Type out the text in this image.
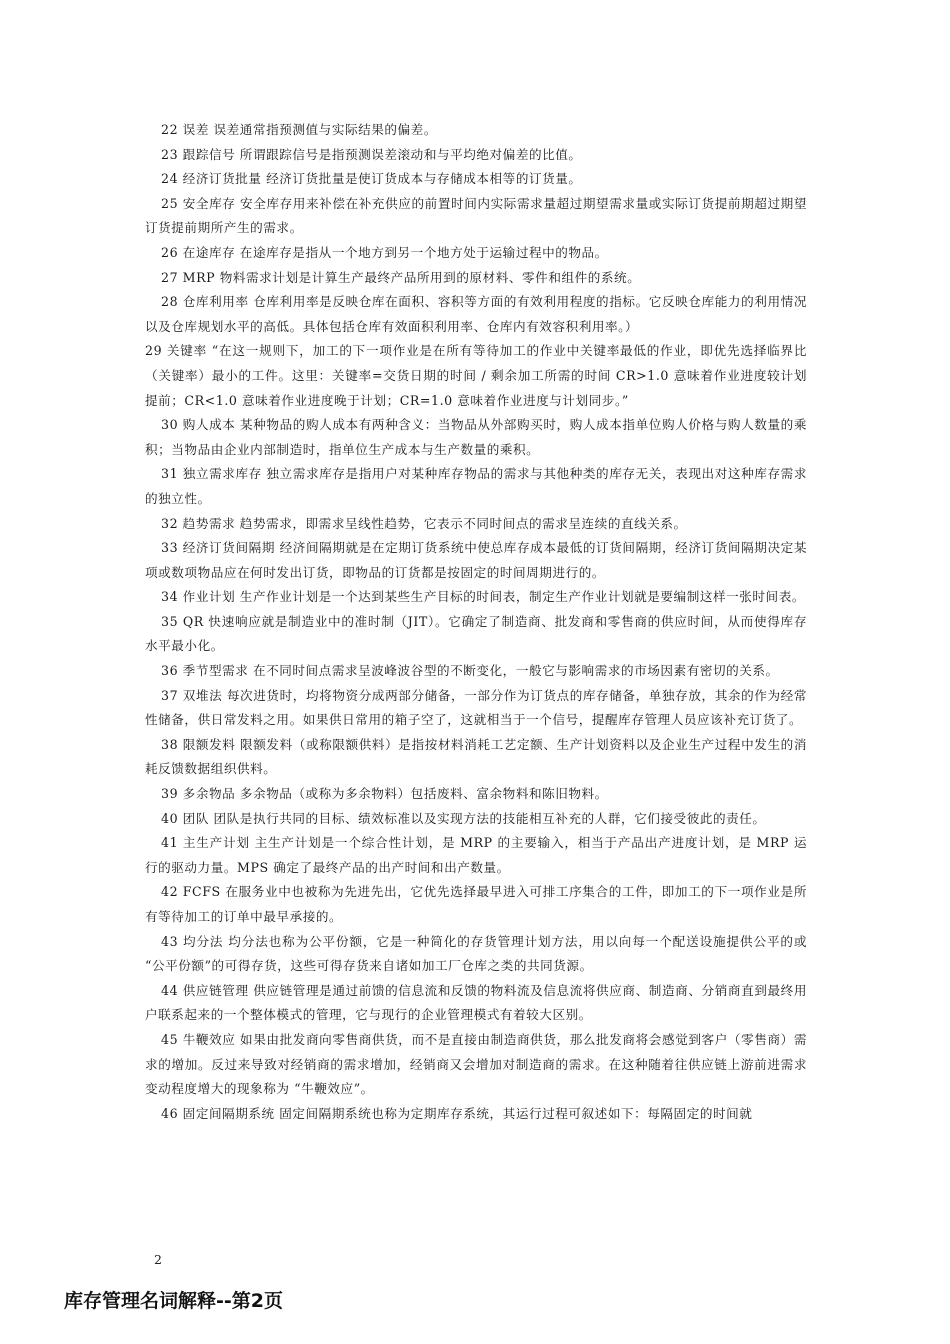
22 误差 误差通常指预测值与实际结果的偏差。

23 跟踪信号 所谓跟踪信号是指预测误差滚动和与平均绝对偏差的比值。

24 经济订货批量 经济订货批量是使订货成本与存储成本相等的订货量。

25 安全库存 安全库存用来补偿在补充供应的前置时间内实际需求量超过期望需求量或实际订货提前期超过期望订货提前期所产生的需求。

26 在途库存 在途库存是指从一个地方到另一个地方处于运输过程中的物品。

27 MRP 物料需求计划是计算生产最终产品所用到的原材料、零件和组件的系统。

28 仓库利用率 仓库利用率是反映仓库在面积、容积等方面的有效利用程度的指标。它反映仓库能力的利用情况以及仓库规划水平的高低。具体包括仓库有效面积利用率、仓库内有效容积利用率。）

29 关键率 “在这一规则下，加工的下一项作业是在所有等待加工的作业中关键率最低的作业，即优先选择临界比（关键率）最小的工件。这里：关键率=交货日期的时间 / 剩余加工所需的时间 CR>1.0 意味着作业进度较计划提前；CR<1.0 意味着作业进度晚于计划；CR=1.0 意味着作业进度与计划同步。”

30 购人成本 某种物品的购人成本有两种含义：当物品从外部购买时，购人成本指单位购人价格与购人数量的乘积；当物品由企业内部制造时，指单位生产成本与生产数量的乘积。

31 独立需求库存 独立需求库存是指用户对某种库存物品的需求与其他种类的库存无关，表现出对这种库存需求的独立性。

32 趋势需求 趋势需求，即需求呈线性趋势，它表示不同时间点的需求呈连续的直线关系。

33 经济订货间隔期 经济间隔期就是在定期订货系统中使总库存成本最低的订货间隔期，经济订货间隔期决定某项或数项物品应在何时发出订货，即物品的订货都是按固定的时间周期进行的。

34 作业计划 生产作业计划是一个达到某些生产目标的时间表，制定生产作业计划就是要编制这样一张时间表。

35 QR 快速响应就是制造业中的准时制（JIT）。它确定了制造商、批发商和零售商的供应时间，从而使得库存水平最小化。

36 季节型需求 在不同时间点需求呈波峰波谷型的不断变化，一般它与影响需求的市场因素有密切的关系。

37 双堆法 每次进货时，均将物资分成两部分储备，一部分作为订货点的库存储备，单独存放，其余的作为经常性储备，供日常发料之用。如果供日常用的箱子空了，这就相当于一个信号，提醒库存管理人员应该补充订货了。

38 限额发料 限额发料（或称限额供料）是指按材料消耗工艺定额、生产计划资料以及企业生产过程中发生的消耗反馈数据组织供料。

39 多余物品 多余物品（或称为多余物料）包括废料、富余物料和陈旧物料。

40 团队 团队是执行共同的目标、绩效标准以及实现方法的技能相互补充的人群，它们接受彼此的责任。

41 主生产计划 主生产计划是一个综合性计划，是 MRP 的主要输入，相当于产品出产进度计划，是 MRP 运行的驱动力量。MPS 确定了最终产品的出产时间和出产数量。

42 FCFS 在服务业中也被称为先进先出，它优先选择最早进入可排工序集合的工件，即加工的下一项作业是所有等待加工的订单中最早承接的。

43 均分法 均分法也称为公平份额，它是一种简化的存货管理计划方法，用以向每一个配送设施提供公平的或 “公平份额”的可得存货，这些可得存货来自诸如加工厂仓库之类的共同货源。

44 供应链管理 供应链管理是通过前馈的信息流和反馈的物料流及信息流将供应商、制造商、分销商直到最终用户联系起来的一个整体模式的管理，它与现行的企业管理模式有着较大区别。

45 牛鞭效应 如果由批发商向零售商供货，而不是直接由制造商供货，那么批发商将会感觉到客户（零售商）需求的增加。反过来导致对经销商的需求增加，经销商又会增加对制造商的需求。在这种随着往供应链上游前进需求变动程度增大的现象称为 “牛鞭效应”。

46 固定间隔期系统 固定间隔期系统也称为定期库存系统，其运行过程可叙述如下：每隔固定的时间就

2
库存管理名词解释--第2页
